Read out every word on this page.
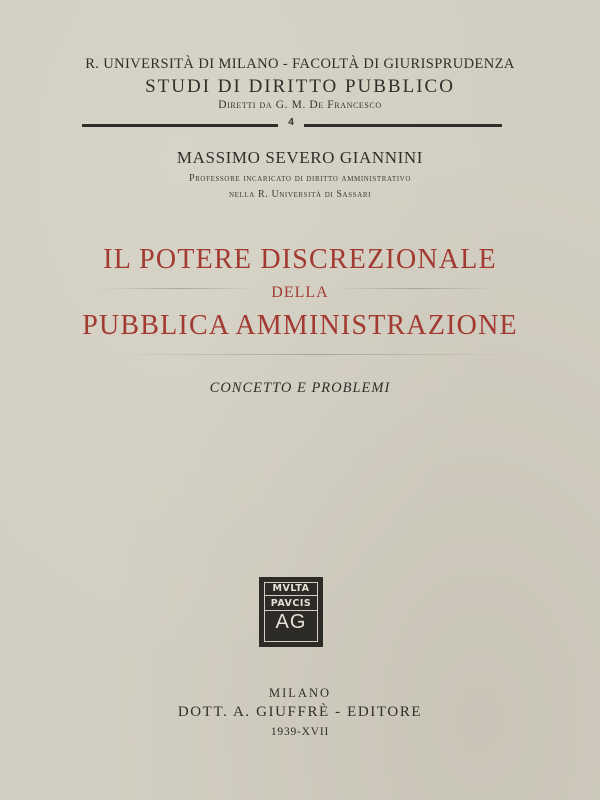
R. UNIVERSITÀ DI MILANO - FACOLTÀ DI GIURISPRUDENZA
STUDI DI DIRITTO PUBBLICO
Diretti da G. M. De Francesco
4
MASSIMO SEVERO GIANNINI
Professore incaricato di diritto amministrativo
nella R. Università di Sassari
IL POTERE DISCREZIONALE
DELLA
PUBBLICA AMMINISTRAZIONE
CONCETTO E PROBLEMI
MVLTA
PAVCIS
AG
MILANO
DOTT. A. GIUFFRÈ - EDITORE
1939-XVII
